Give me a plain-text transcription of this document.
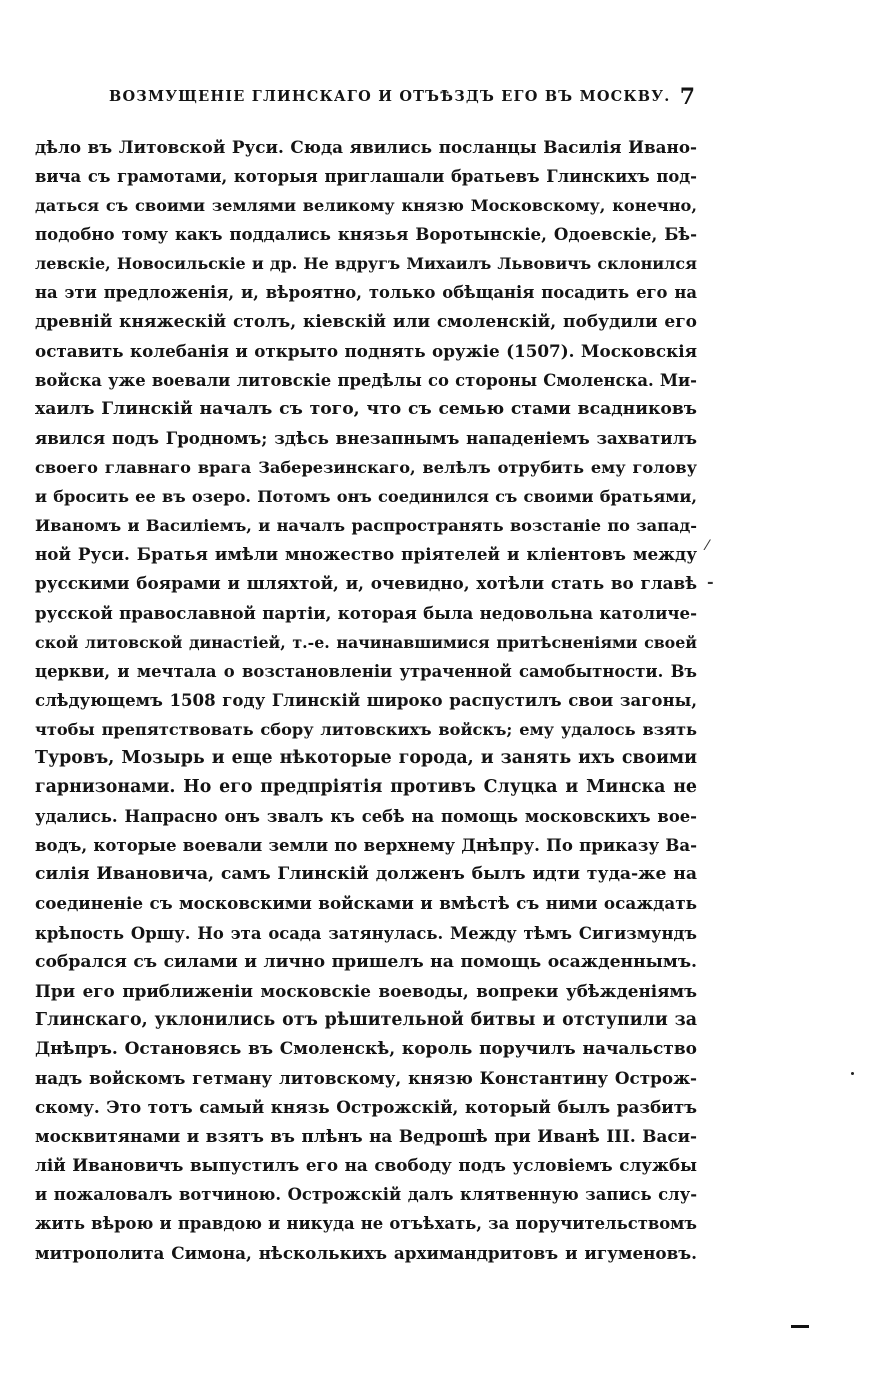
ВОЗМУЩЕНІЕ ГЛИНСКАГО И ОТЪѢЗДЪ ЕГО ВЪ МОСКВУ. 7
дѣло въ Литовской Руси. Сюда явились посланцы Василія Ивано-
вича съ грамотами, которыя приглашали братьевъ Глинскихъ под-
даться съ своими землями великому князю Московскому, конечно,
подобно тому какъ поддались князья Воротынскіе, Одоевскіе, Бѣ-
левскіе, Новосильскіе и др. Не вдругъ Михаилъ Львовичъ склонился
на эти предложенія, и, вѣроятно, только обѣщанія посадить его на
древній княжескій столъ, кіевскій или смоленскій, побудили его
оставить колебанія и открыто поднять оружіе (1507). Московскія
войска уже воевали литовскіе предѣлы со стороны Смоленска. Ми-
хаилъ Глинскій началъ съ того, что съ семью стами всадниковъ
явился подъ Гродномъ; здѣсь внезапнымъ нападеніемъ захватилъ
своего главнаго врага Заберезинскаго, велѣлъ отрубить ему голову
и бросить ее въ озеро. Потомъ онъ соединился съ своими братьями,
Иваномъ и Василіемъ, и началъ распространять возстаніе по запад-
ной Руси. Братья имѣли множество пріятелей и кліентовъ между
русскими боярами и шляхтой, и, очевидно, хотѣли стать во главѣ
русской православной партіи, которая была недовольна католиче-
ской литовской династіей, т.-е. начинавшимися притѣсненіями своей
церкви, и мечтала о возстановленіи утраченной самобытности. Въ
слѣдующемъ 1508 году Глинскій широко распустилъ свои загоны,
чтобы препятствовать сбору литовскихъ войскъ; ему удалось взять
Туровъ, Мозырь и еще нѣкоторые города, и занять ихъ своими
гарнизонами. Но его предпріятія противъ Слуцка и Минска не
удались. Напрасно онъ звалъ къ себѣ на помощь московскихъ вое-
водъ, которые воевали земли по верхнему Днѣпру. По приказу Ва-
силія Ивановича, самъ Глинскій долженъ былъ идти туда-же на
соединеніе съ московскими войсками и вмѣстѣ съ ними осаждать
крѣпость Оршу. Но эта осада затянулась. Между тѣмъ Сигизмундъ
собрался съ силами и лично пришелъ на помощь осажденнымъ.
При его приближеніи московскіе воеводы, вопреки убѣжденіямъ
Глинскаго, уклонились отъ рѣшительной битвы и отступили за
Днѣпръ. Остановясь въ Смоленскѣ, король поручилъ начальство
надъ войскомъ гетману литовскому, князю Константину Острож-
скому. Это тотъ самый князь Острожскій, который былъ разбитъ
москвитянами и взятъ въ плѣнъ на Ведрошѣ при Иванѣ III. Васи-
лій Ивановичъ выпустилъ его на свободу подъ условіемъ службы
и пожаловалъ вотчиною. Острожскій далъ клятвенную запись слу-
жить вѣрою и правдою и никуда не отъѣхать, за поручительствомъ
митрополита Симона, нѣсколькихъ архимандритовъ и игуменовъ.
⁄
-
